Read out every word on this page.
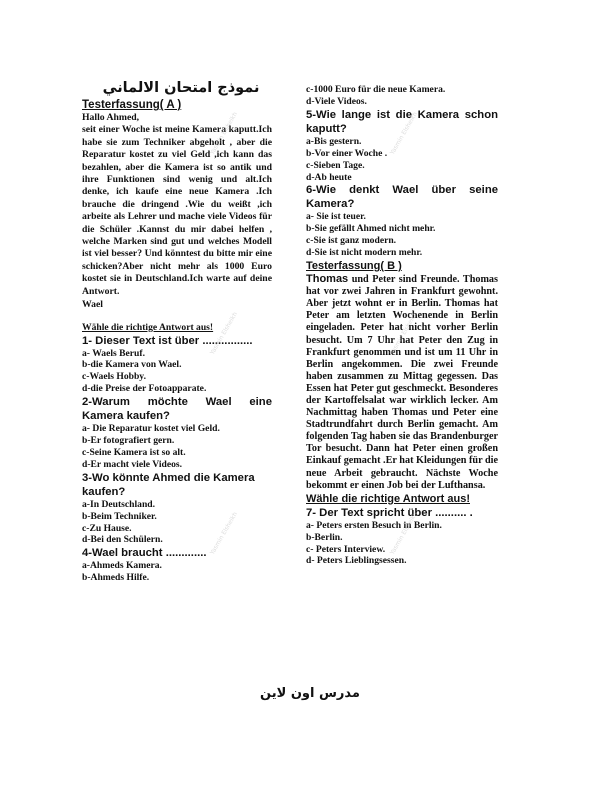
نموذج امتحان الالماني
Testerfassung( A )

Hallo Ahmed,

seit einer Woche ist meine Kamera kaputt.Ich habe sie zum Techniker abgeholt , aber die Reparatur kostet zu viel Geld ,ich kann das bezahlen, aber die Kamera ist so antik und ihre Funktionen sind wenig und alt.Ich denke, ich kaufe eine neue Kamera .Ich brauche die dringend .Wie du weißt ,ich arbeite als Lehrer und mache viele Videos für die Schüler .Kannst du mir dabei helfen , welche Marken sind gut und welches Modell ist viel besser? Und könntest du bitte mir eine schicken?Aber nicht mehr als 1000 Euro kostet sie in Deutschland.Ich warte auf deine Antwort.

Wael

Wähle die richtige Antwort aus!
1- Dieser Text ist über ................
a- Waels Beruf.
b-die Kamera von Wael.
c-Waels Hobby.
d-die Preise der Fotoapparate.
2-Warum möchte Wael eine Kamera kaufen?
a- Die Reparatur kostet viel Geld.
b-Er fotografiert gern.
c-Seine Kamera ist so alt.
d-Er macht viele Videos.
3-Wo könnte Ahmed die Kamera kaufen?
a-In Deutschland.
b-Beim Techniker.
c-Zu Hause.
d-Bei den Schülern.
4-Wael braucht .............
a-Ahmeds Kamera.
b-Ahmeds Hilfe.
c-1000 Euro für die neue Kamera.
d-Viele Videos.
5-Wie lange ist die Kamera schon kaputt?
a-Bis gestern.
b-Vor einer Woche .
c-Sieben Tage.
d-Ab heute
6-Wie denkt Wael über seine Kamera?
a- Sie ist teuer.
b-Sie gefällt Ahmed nicht mehr.
c-Sie ist ganz modern.
d-Sie ist nicht modern mehr.
Testerfassung( B )
Thomas und Peter sind Freunde. Thomas hat vor zwei Jahren in Frankfurt gewohnt. Aber jetzt wohnt er in Berlin. Thomas hat Peter am letzten Wochenende in Berlin eingeladen. Peter hat nicht vorher Berlin besucht. Um 7 Uhr hat Peter den Zug in Frankfurt genommen und ist um 11 Uhr in Berlin angekommen. Die zwei Freunde haben zusammen zu Mittag gegessen. Das Essen hat Peter gut geschmeckt. Besonderes der Kartoffelsalat war wirklich lecker. Am Nachmittag haben Thomas und Peter eine Stadtrundfahrt durch Berlin gemacht. Am folgenden Tag haben sie das Brandenburger Tor besucht. Dann hat Peter einen großen Einkauf gemacht .Er hat Kleidungen für die neue Arbeit gebraucht. Nächste Woche bekommt er einen Job bei der Lufthansa.
Wähle die richtige Antwort aus!
7- Der Text spricht über .......... .
a- Peters ersten Besuch in Berlin.
b-Berlin.
c- Peters Interview.
d- Peters Lieblingsessen.
Yasmin Elsheikh	Yasmin Elsheikh
Yasmin Elsheikh	Yasmin Elsheikh
Yasmin Elsheikh	Yasmin Elsheikh
مدرس اون لاين
